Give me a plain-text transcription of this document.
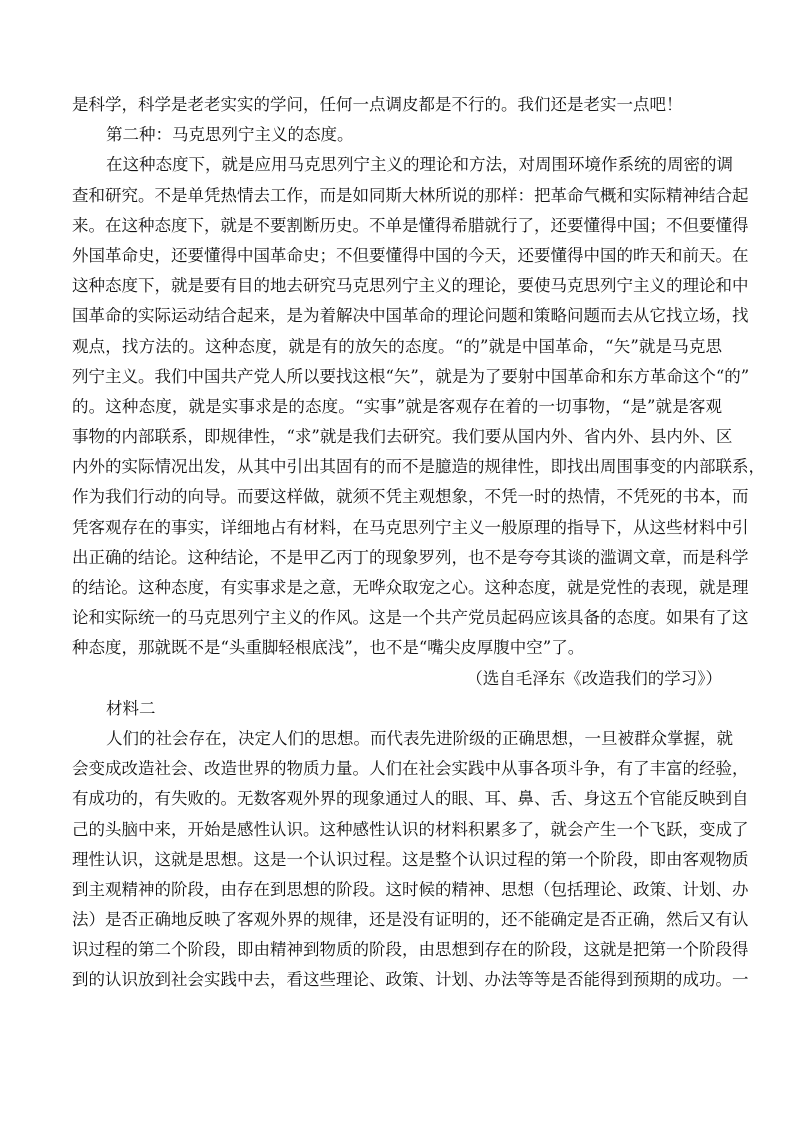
是科学，科学是老老实实的学问，任何一点调皮都是不行的。我们还是老实一点吧！
第二种：马克思列宁主义的态度。
在这种态度下，就是应用马克思列宁主义的理论和方法，对周围环境作系统的周密的调
查和研究。不是单凭热情去工作，而是如同斯大林所说的那样：把革命气概和实际精神结合起
来。在这种态度下，就是不要割断历史。不单是懂得希腊就行了，还要懂得中国；不但要懂得
外国革命史，还要懂得中国革命史；不但要懂得中国的今天，还要懂得中国的昨天和前天。在
这种态度下，就是要有目的地去研究马克思列宁主义的理论，要使马克思列宁主义的理论和中
国革命的实际运动结合起来，是为着解决中国革命的理论问题和策略问题而去从它找立场，找
观点，找方法的。这种态度，就是有的放矢的态度。“的”就是中国革命，“矢”就是马克思
列宁主义。我们中国共产党人所以要找这根“矢”，就是为了要射中国革命和东方革命这个“的”
的。这种态度，就是实事求是的态度。“实事”就是客观存在着的一切事物，“是”就是客观
事物的内部联系，即规律性，“求”就是我们去研究。我们要从国内外、省内外、县内外、区
内外的实际情况出发，从其中引出其固有的而不是臆造的规律性，即找出周围事变的内部联系，
作为我们行动的向导。而要这样做，就须不凭主观想象，不凭一时的热情，不凭死的书本，而
凭客观存在的事实，详细地占有材料，在马克思列宁主义一般原理的指导下，从这些材料中引
出正确的结论。这种结论，不是甲乙丙丁的现象罗列，也不是夸夸其谈的滥调文章，而是科学
的结论。这种态度，有实事求是之意，无哗众取宠之心。这种态度，就是党性的表现，就是理
论和实际统一的马克思列宁主义的作风。这是一个共产党员起码应该具备的态度。如果有了这
种态度，那就既不是“头重脚轻根底浅”，也不是“嘴尖皮厚腹中空”了。
（选自毛泽东《改造我们的学习》）
材料二
人们的社会存在，决定人们的思想。而代表先进阶级的正确思想，一旦被群众掌握，就
会变成改造社会、改造世界的物质力量。人们在社会实践中从事各项斗争，有了丰富的经验，
有成功的，有失败的。无数客观外界的现象通过人的眼、耳、鼻、舌、身这五个官能反映到自
己的头脑中来，开始是感性认识。这种感性认识的材料积累多了，就会产生一个飞跃，变成了
理性认识，这就是思想。这是一个认识过程。这是整个认识过程的第一个阶段，即由客观物质
到主观精神的阶段，由存在到思想的阶段。这时候的精神、思想（包括理论、政策、计划、办
法）是否正确地反映了客观外界的规律，还是没有证明的，还不能确定是否正确，然后又有认
识过程的第二个阶段，即由精神到物质的阶段，由思想到存在的阶段，这就是把第一个阶段得
到的认识放到社会实践中去，看这些理论、政策、计划、办法等等是否能得到预期的成功。一
